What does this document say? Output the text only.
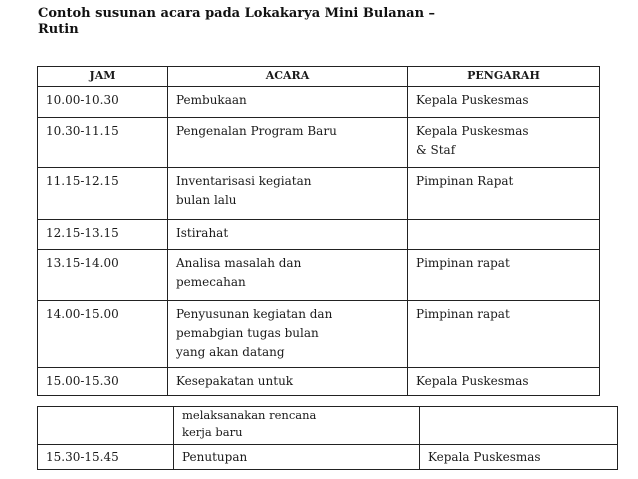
Contoh susunan acara pada Lokakarya Mini Bulanan –
Rutin
JAM	ACARA	PENGARAH
10.00-10.30	Pembukaan	Kepala Puskesmas

10.30-11.15	Pengenalan Program Baru	Kepala Puskesmas
& Staf

11.15-12.15	Inventarisasi kegiatan
bulan lalu	Pimpinan Rapat

12.15-13.15	Istirahat	

13.15-14.00	Analisa masalah dan
pemecahan	Pimpinan rapat

14.00-15.00	Penyusunan kegiatan dan
pemabgian tugas bulan
yang akan datang	Pimpinan rapat

15.00-15.30	Kesepakatan untuk	Kepala Puskesmas

	melaksanakan rencana
kerja baru	

15.30-15.45	Penutupan	Kepala Puskesmas
